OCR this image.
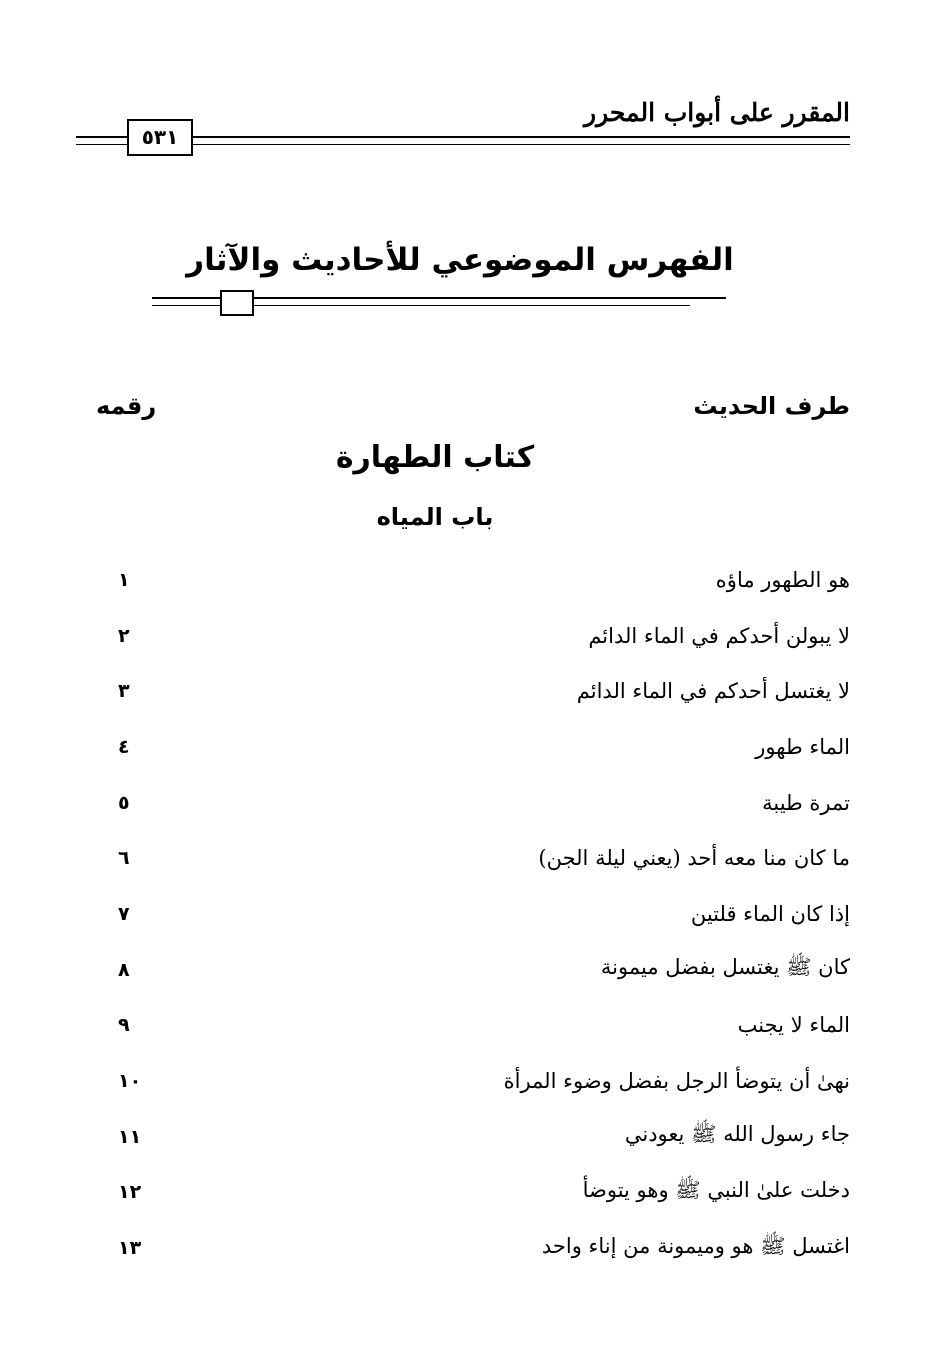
المقرر على أبواب المحرر
٥٣١
الفهرس الموضوعي للأحاديث والآثار
طرف الحديث
رقمه
كتاب الطهارة
باب المياه
هو الطهور ماؤه
١
لا يبولن أحدكم في الماء الدائم
٢
لا يغتسل أحدكم في الماء الدائم
٣
الماء طهور
٤
تمرة طيبة
٥
ما كان منا معه أحد (يعني ليلة الجن)
٦
إذا كان الماء قلتين
٧
كان ﷺ يغتسل بفضل ميمونة
٨
الماء لا يجنب
٩
نهىٰ أن يتوضأ الرجل بفضل وضوء المرأة
١٠
جاء رسول الله ﷺ يعودني
١١
دخلت علىٰ النبي ﷺ وهو يتوضأ
١٢
اغتسل ﷺ هو وميمونة من إناء واحد
١٣
